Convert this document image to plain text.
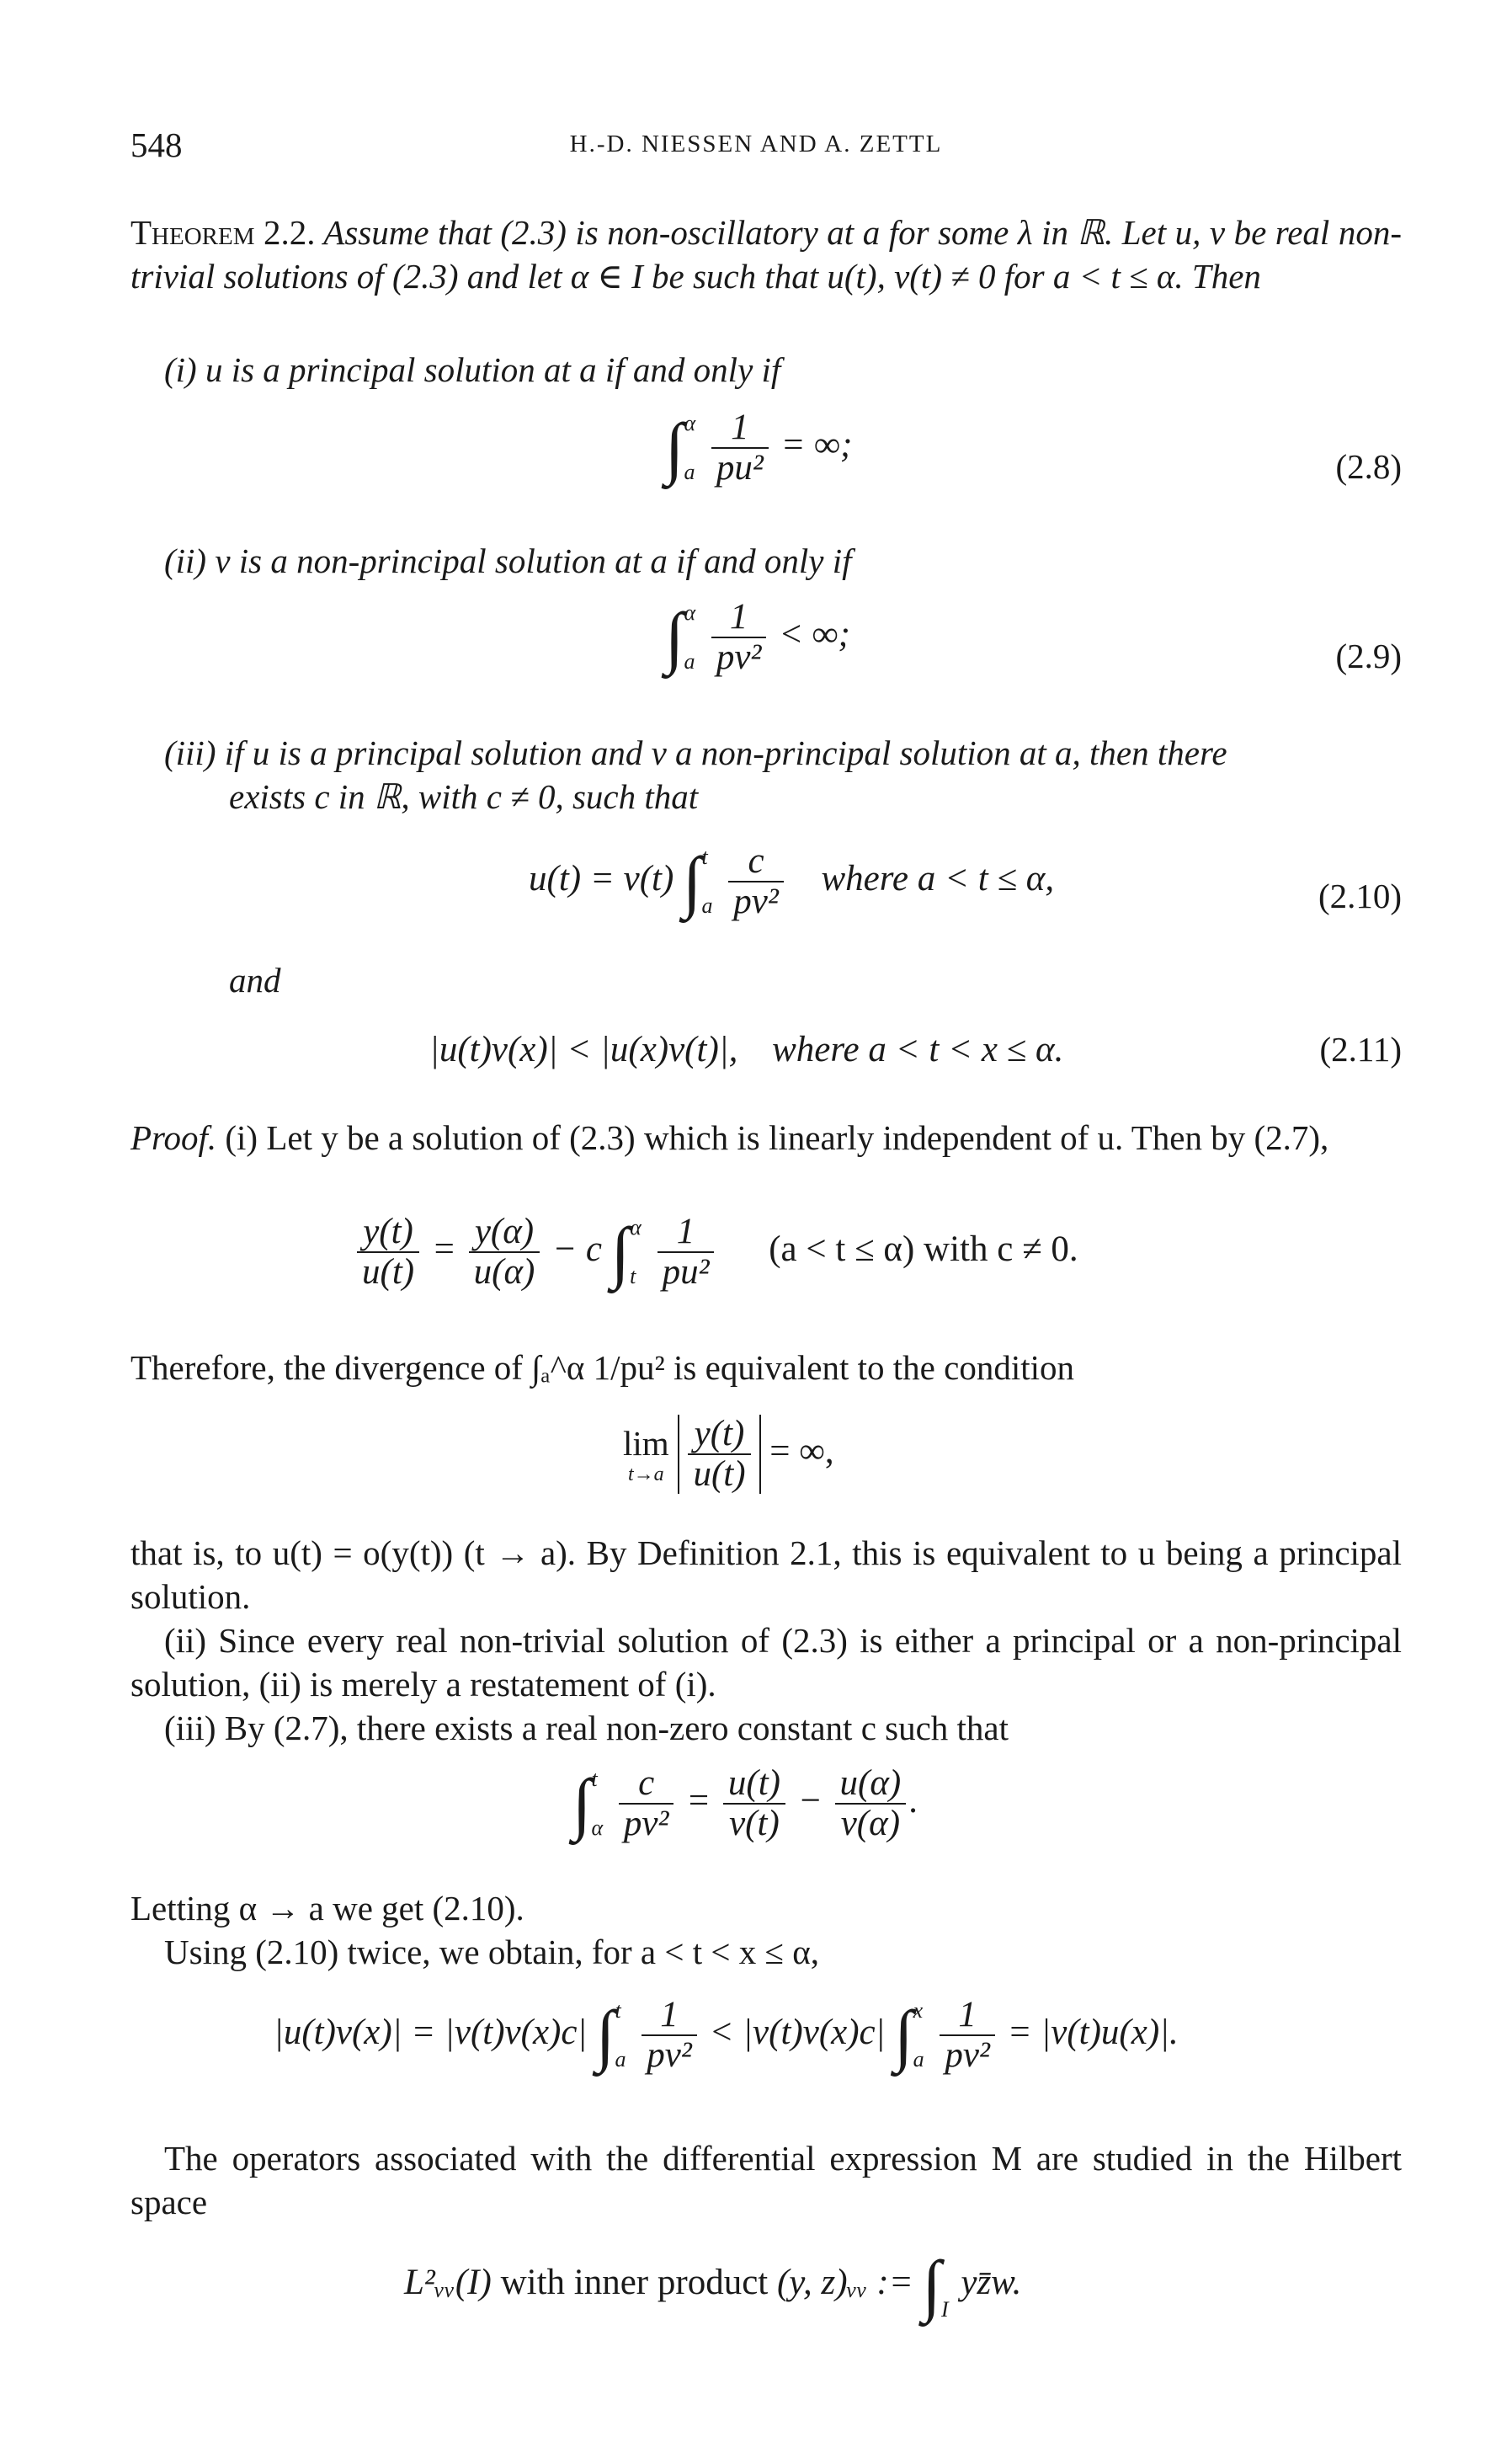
548	H.-D. NIESSEN AND A. ZETTL
Theorem 2.2. Assume that (2.3) is non-oscillatory at a for some λ in ℝ. Let u, v be real non-trivial solutions of (2.3) and let α ∈ I be such that u(t), v(t) ≠ 0 for a < t ≤ α. Then
(i) u is a principal solution at a if and only if
∫ α
a
$\frac{1}{\text{pu²}}$ = ∞;
(2.8)
(ii) v is a non-principal solution at a if and only if
∫ α
a
$\frac{1}{\text{pv²}}$ < ∞;
(2.9)
(iii) if u is a principal solution and v a non-principal solution at a, then there
exists c in ℝ, with c ≠ 0, such that
u(t) = v(t) ∫ t
a
$\frac{c}{\text{pv²}}$ where a < t ≤ α,	(2.10)
and
|u(t)v(x)| < |u(x)v(t)|, where a < t < x ≤ α.	(2.11)
Proof. (i) Let y be a solution of (2.3) which is linearly independent of u. Then by (2.7),
$\frac{y(t)}{u(t)} = \frac{y(\alpha)}{u(\alpha)} - c$ ∫ α
t
$\frac{1}{\text{pu²}} (a < t \le \alpha)$ with c ≠ 0.
Therefore, the divergence of ∫ₐ^α 1/pu² is equivalent to the condition
lim
t→a
$\frac{y(t)}{u(t)}$ = ∞,
that is, to u(t) = o(y(t)) (t → a). By Definition 2.1, this is equivalent to u being a principal solution.
(ii) Since every real non-trivial solution of (2.3) is either a principal or a non-principal solution, (ii) is merely a restatement of (i).
(iii) By (2.7), there exists a real non-zero constant c such that
∫ t
α
$\frac{c}{\text{pv²}} = \frac{u(t)}{v(t)} - \frac{u(\alpha)}{v(\alpha)}$ .
Letting α → a we get (2.10).
Using (2.10) twice, we obtain, for a < t < x ≤ α,
|u(t)v(x)| = |v(t)v(x)c| ∫ t
a
$\frac{1}{\text{pv²}} < |v(t)v(x)c|$ ∫ x
a
$\frac{1}{\text{pv²}} = |v(t)u(x)|$.
The operators associated with the differential expression M are studied in the Hilbert space
L²ᵥᵥ(I) with inner product (y, z)ᵥᵥ := ∫ I
yz̄w.
